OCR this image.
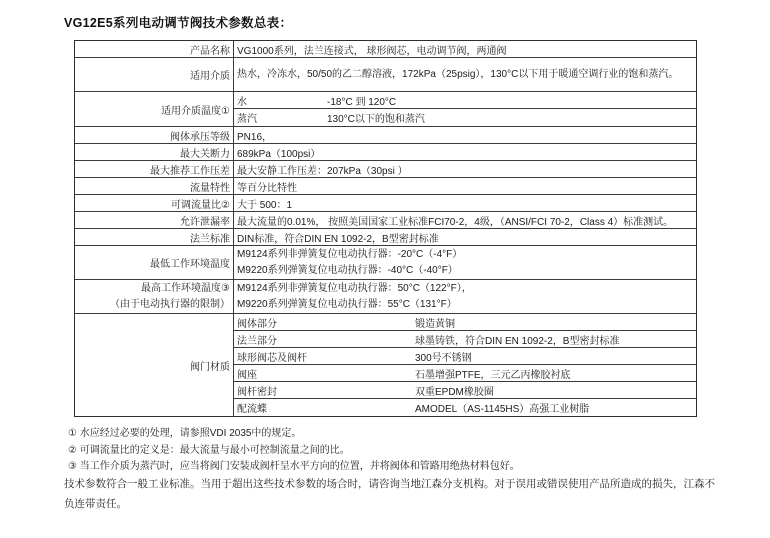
VG12E5系列电动调节阀技术参数总表：
产品名称 VG1000系列，法兰连接式， 球形阀芯，电动调节阀，两通阀
适用介质 热水，冷冻水，50/50的乙二醇溶液，172kPa（25psig），130°C以下用于暖通空调行业的饱和蒸汽。
适用介质温度①
水	-18°C 到 120°C
蒸汽	130°C以下的饱和蒸汽
阀体承压等级 PN16，
最大关断力 689kPa（100psi）
最大推荐工作压差 最大安静工作压差：207kPa（30psi ）
流量特性 等百分比特性
可调流量比② 大于 500：1
允许泄漏率 最大流量的0.01%， 按照美国国家工业标准FCI70-2，4级，（ANSI/FCI 70-2，Class 4）标准测试。
法兰标准 DIN标准，符合DIN EN 1092-2，B型密封标准
最低工作环境温度
M9124系列非弹簧复位电动执行器：-20°C（-4°F）
M9220系列弹簧复位电动执行器：-40°C（-40°F）
最高工作环境温度③
（由于电动执行器的限制）
M9124系列非弹簧复位电动执行器：50°C（122°F），
M9220系列弹簧复位电动执行器：55°C（131°F）
阀门材质
阀体部分	锻造黄铜
法兰部分	球墨铸铁，符合DIN EN 1092-2，B型密封标准
球形阀芯及阀杆	300号不锈钢
阀座	石墨增强PTFE，三元乙丙橡胶衬底
阀杆密封	双重EPDM橡胶圈
配流蝶	AMODEL（AS-1145HS）高强工业树脂
① 水应经过必要的处理，请参照VDI 2035中的规定。
② 可调流量比的定义是：最大流量与最小可控制流量之间的比。
③ 当工作介质为蒸汽时，应当将阀门安装成阀杆呈水平方向的位置，并将阀体和管路用绝热材料包好。
技术参数符合一般工业标准。当用于超出这些技术参数的场合时，请咨询当地江森分支机构。对于误用或错误使用产品所造成的损失，江森不负连带责任。
